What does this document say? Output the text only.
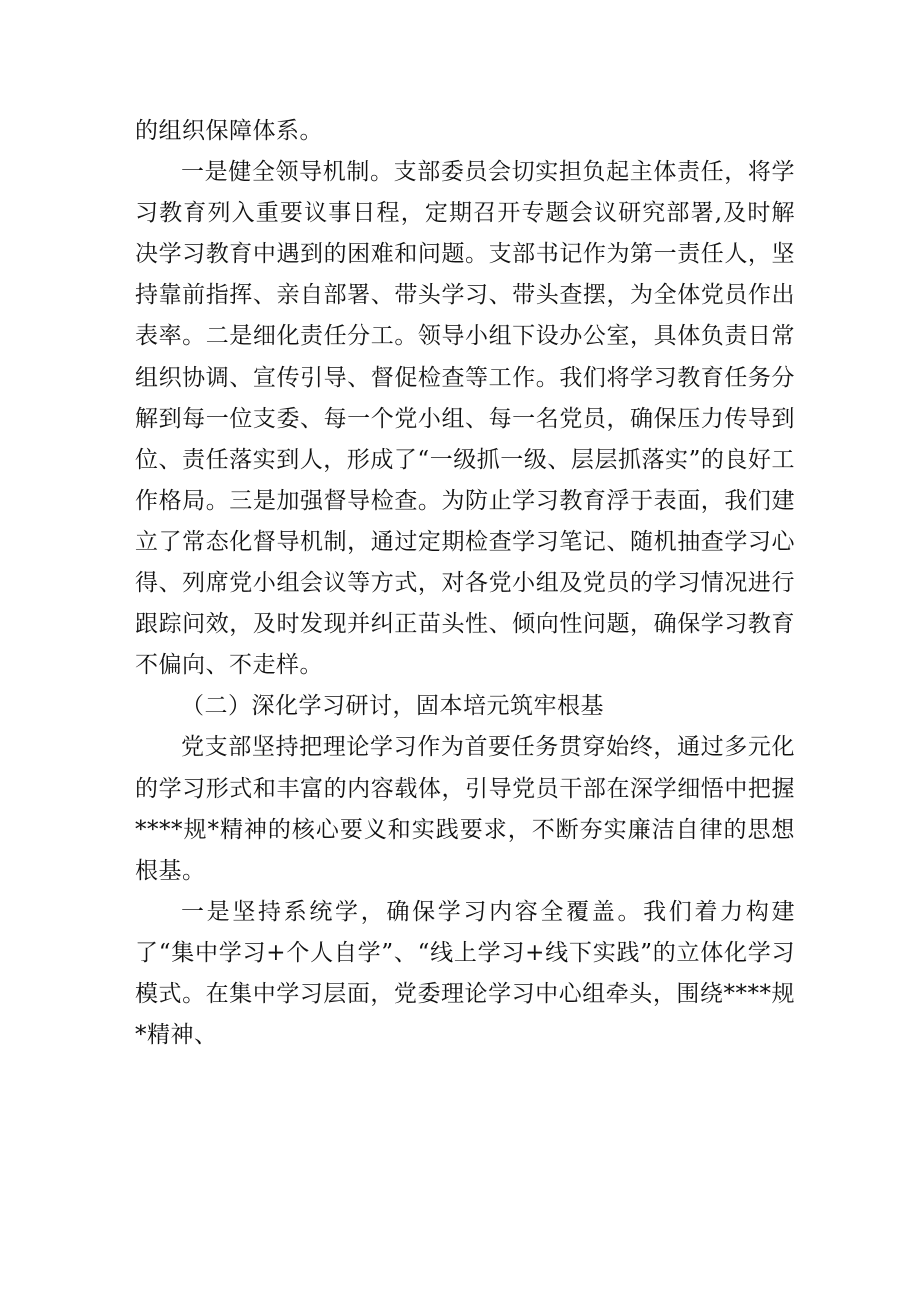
的组织保障体系。

一是健全领导机制。支部委员会切实担负起主体责任，将学习教育列入重要议事日程，定期召开专题会议研究部署,及时解决学习教育中遇到的困难和问题。支部书记作为第一责任人，坚持靠前指挥、亲自部署、带头学习、带头查摆，为全体党员作出表率。二是细化责任分工。领导小组下设办公室，具体负责日常组织协调、宣传引导、督促检查等工作。我们将学习教育任务分解到每一位支委、每一个党小组、每一名党员，确保压力传导到位、责任落实到人，形成了“一级抓一级、层层抓落实”的良好工作格局。三是加强督导检查。为防止学习教育浮于表面，我们建立了常态化督导机制，通过定期检查学习笔记、随机抽查学习心得、列席党小组会议等方式，对各党小组及党员的学习情况进行跟踪问效，及时发现并纠正苗头性、倾向性问题，确保学习教育不偏向、不走样。

（二）深化学习研讨，固本培元筑牢根基

党支部坚持把理论学习作为首要任务贯穿始终，通过多元化的学习形式和丰富的内容载体，引导党员干部在深学细悟中把握****规*精神的核心要义和实践要求，不断夯实廉洁自律的思想根基。

一是坚持系统学，确保学习内容全覆盖。我们着力构建了“集中学习+个人自学”、“线上学习+线下实践”的立体化学习模式。在集中学习层面，党委理论学习中心组牵头，围绕****规*精神、
